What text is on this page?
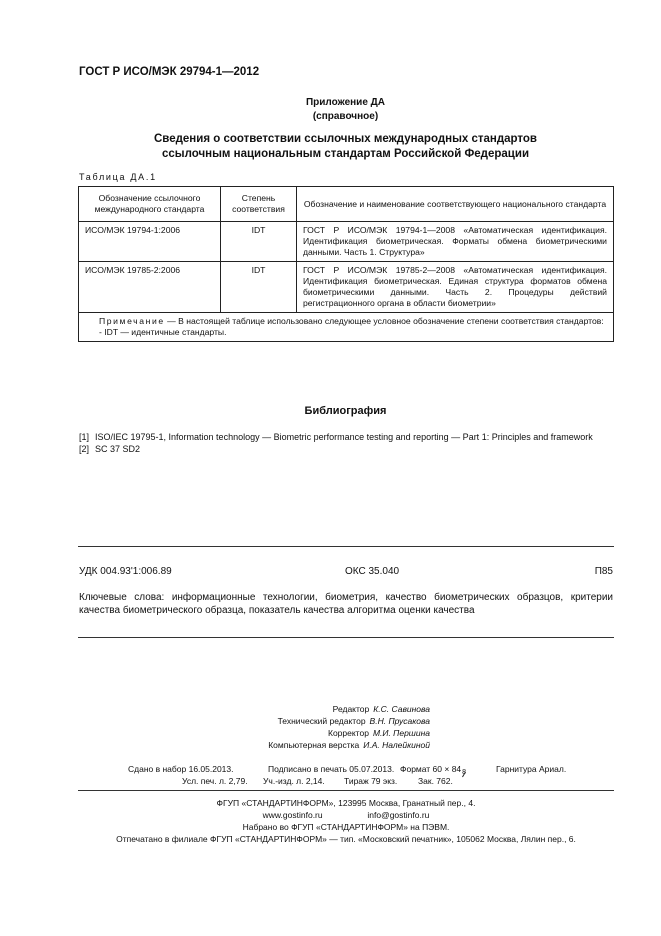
ГОСТ Р ИСО/МЭК 29794-1—2012
Приложение ДА
(справочное)
Сведения о соответствии ссылочных международных стандартов
ссылочным национальным стандартам Российской Федерации
Таблица ДА.1
Обозначение ссылочного международного стандарта	Степень соответствия	Обозначение и наименование соответствующего национального стандарта
ИСО/МЭК 19794-1:2006	IDT	ГОСТ Р ИСО/МЭК 19794-1—2008 «Автоматическая идентификация. Идентификация биометрическая. Форматы обмена биометрическими данными. Часть 1. Структура»
ИСО/МЭК 19785-2:2006	IDT	ГОСТ Р ИСО/МЭК 19785-2—2008 «Автоматическая идентификация. Идентификация биометрическая. Единая структура форматов обмена биометрическими данными. Часть 2. Процедуры действий регистрационного органа в области биометрии»

Примечание — В настоящей таблице использовано следующее условное обозначение степени соответствия стандартов:
- IDT — идентичные стандарты.		
Библиография
[1] ISO/IEC 19795-1, Information technology — Biometric performance testing and reporting — Part 1: Principles and framework
[2] SC 37 SD2
УДК 004.93'1:006.89	ОКС 35.040	П85
Ключевые слова: информационные технологии, биометрия, качество биометрических образцов, критерии качества биометрического образца, показатель качества алгоритма оценки качества
Редактор К.С. Савинова
Технический редактор В.Н. Прусакова
Корректор М.И. Першина
Компьютерная верстка И.А. Налейкиной
Сдано в набор 16.05.2013.	Подписано в печать 05.07.2013. Формат $60 \times 84_8$	Гарнитура Ариал.
Усл. печ. л. 2,79. Уч.-изд. л. 2,14. Тираж 79 экз. Зак. 762.
ФГУП «СТАНДАРТИНФОРМ», 123995 Москва, Гранатный пер., 4.
www.gostinfo.ru	info@gostinfo.ru
Набрано во ФГУП «СТАНДАРТИНФОРМ» на ПЭВМ.
Отпечатано в филиале ФГУП «СТАНДАРТИНФОРМ» — тип. «Московский печатник», 105062 Москва, Лялин пер., 6.
